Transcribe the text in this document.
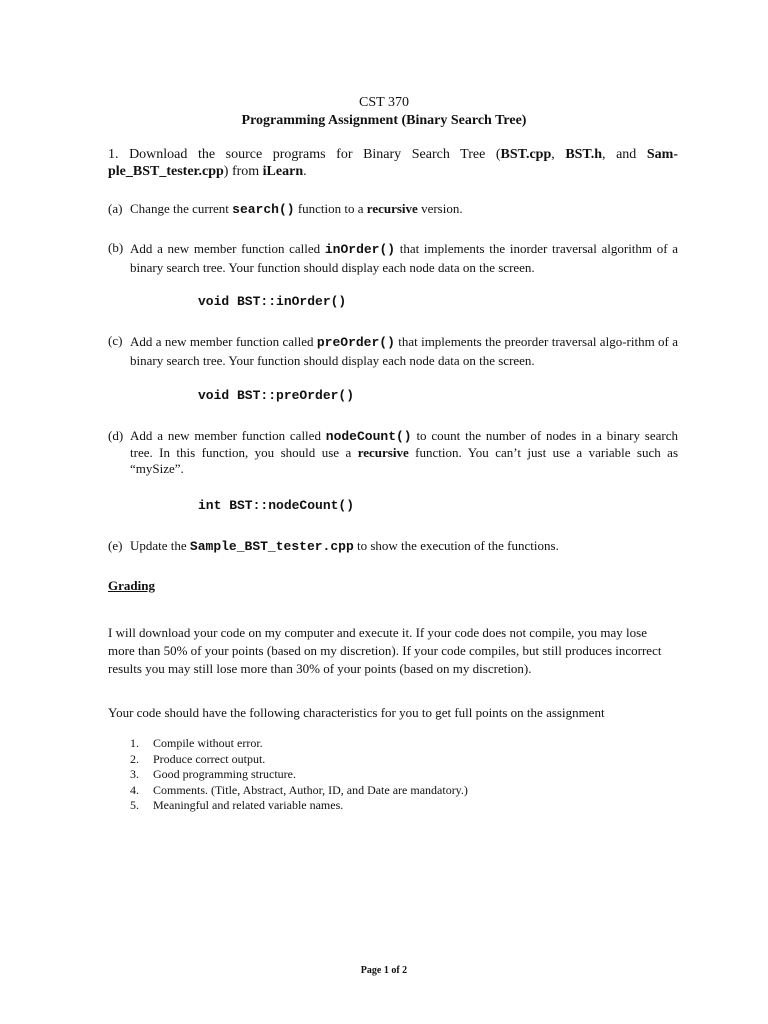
CST 370
Programming Assignment (Binary Search Tree)
1. Download the source programs for Binary Search Tree (BST.cpp, BST.h, and Sam-ple_BST_tester.cpp) from iLearn.
(a) Change the current search() function to a recursive version.
(b) Add a new member function called inOrder() that implements the inorder traversal algorithm of a binary search tree. Your function should display each node data on the screen.
void BST::inOrder()
(c) Add a new member function called preOrder() that implements the preorder traversal algo-rithm of a binary search tree. Your function should display each node data on the screen.
void BST::preOrder()
(d) Add a new member function called nodeCount() to count the number of nodes in a binary search tree. In this function, you should use a recursive function. You can’t just use a variable such as “mySize”.
int BST::nodeCount()
(e) Update the Sample_BST_tester.cpp to show the execution of the functions.
Grading
I will download your code on my computer and execute it. If your code does not compile, you may lose more than 50% of your points (based on my discretion). If your code compiles, but still produces incorrect results you may still lose more than 30% of your points (based on my discretion).
Your code should have the following characteristics for you to get full points on the assignment
1. Compile without error.
2. Produce correct output.
3. Good programming structure.
4. Comments. (Title, Abstract, Author, ID, and Date are mandatory.)
5. Meaningful and related variable names.
Page 1 of 2
